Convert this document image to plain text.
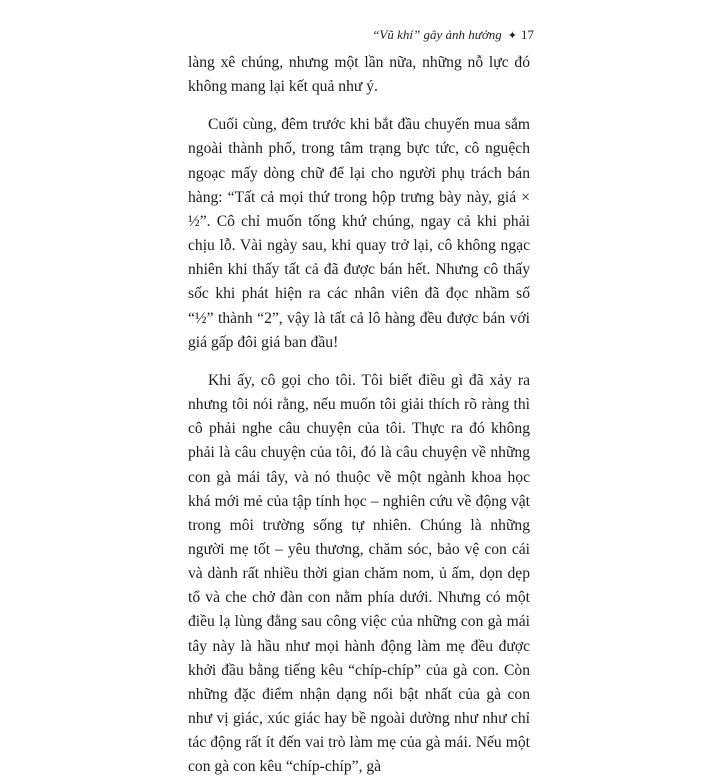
“Vũ khí” gây ảnh hưởng ✦ 17

làng xê chúng, nhưng một lần nữa, những nỗ lực đó không mang lại kết quả như ý.

Cuối cùng, đêm trước khi bắt đầu chuyến mua sắm ngoài thành phố, trong tâm trạng bực tức, cô nguệch ngoạc mấy dòng chữ để lại cho người phụ trách bán hàng: “Tất cả mọi thứ trong hộp trưng bày này, giá × ½”. Cô chỉ muốn tống khứ chúng, ngay cả khi phải chịu lỗ. Vài ngày sau, khi quay trở lại, cô không ngạc nhiên khi thấy tất cả đã được bán hết. Nhưng cô thấy sốc khi phát hiện ra các nhân viên đã đọc nhầm số “½” thành “2”, vậy là tất cả lô hàng đều được bán với giá gấp đôi giá ban đầu!

Khi ấy, cô gọi cho tôi. Tôi biết điều gì đã xảy ra nhưng tôi nói rằng, nếu muốn tôi giải thích rõ ràng thì cô phải nghe câu chuyện của tôi. Thực ra đó không phải là câu chuyện của tôi, đó là câu chuyện về những con gà mái tây, và nó thuộc về một ngành khoa học khá mới mẻ của tập tính học – nghiên cứu về động vật trong môi trường sống tự nhiên. Chúng là những người mẹ tốt – yêu thương, chăm sóc, bảo vệ con cái và dành rất nhiều thời gian chăm nom, ủ ấm, dọn dẹp tổ và che chở đàn con nằm phía dưới. Nhưng có một điều lạ lùng đằng sau công việc của những con gà mái tây này là hầu như mọi hành động làm mẹ đều được khởi đầu bằng tiếng kêu “chíp-chíp” của gà con. Còn những đặc điểm nhận dạng nổi bật nhất của gà con như vị giác, xúc giác hay bề ngoài dường như như chỉ tác động rất ít đến vai trò làm mẹ của gà mái. Nếu một con gà con kêu “chíp-chíp”, gà
